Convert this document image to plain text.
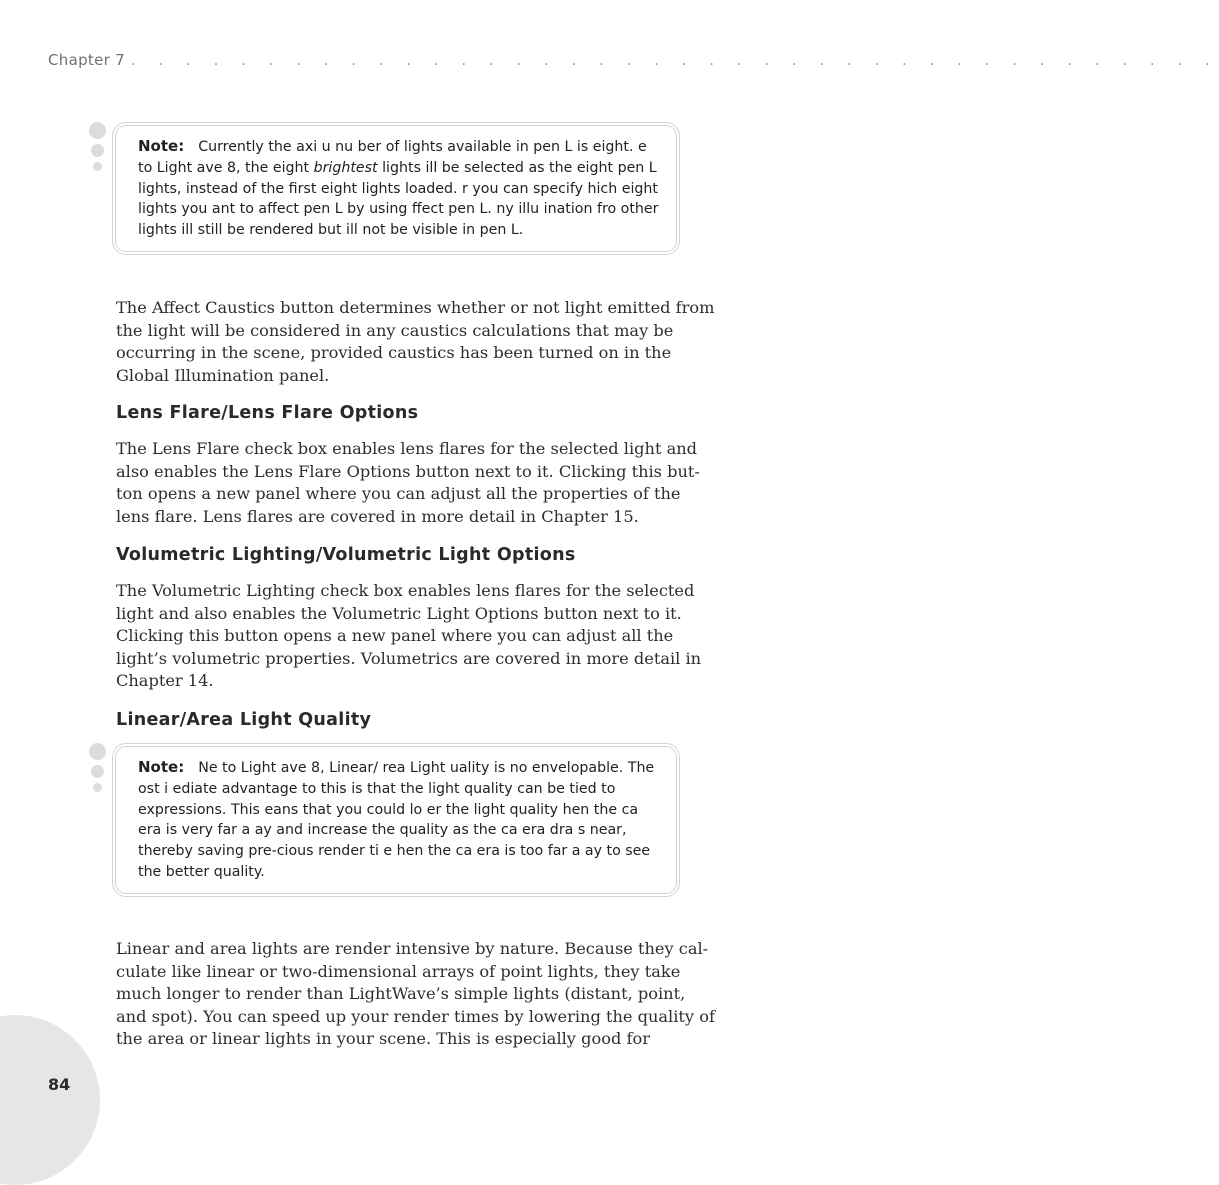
Chapter 7 . . . . . . . . . . . . . . . . . . . . . . . . . . . . . . . . . . . . . . . .
Note: Currently the axi u nu ber of lights available in pen L is eight. e to Light ave 8, the eight brightest lights ill be selected as the eight pen L lights, instead of the first eight lights loaded. r you can specify hich eight lights you ant to affect pen L by using ffect pen L. ny illu ination fro other lights ill still be rendered but ill not be visible in pen L.
The Affect Caustics button determines whether or not light emitted from the light will be considered in any caustics calculations that may be occurring in the scene, provided caustics has been turned on in the Global Illumination panel.
Lens Flare/Lens Flare Options
The Lens Flare check box enables lens flares for the selected light and also enables the Lens Flare Options button next to it. Clicking this but-ton opens a new panel where you can adjust all the properties of the lens flare. Lens flares are covered in more detail in Chapter 15.
Volumetric Lighting/Volumetric Light Options
The Volumetric Lighting check box enables lens flares for the selected light and also enables the Volumetric Light Options button next to it. Clicking this button opens a new panel where you can adjust all the light’s volumetric properties. Volumetrics are covered in more detail in Chapter 14.
Linear/Area Light Quality
Note: Ne to Light ave 8, Linear/ rea Light uality is no envelopable. The ost i ediate advantage to this is that the light quality can be tied to expressions. This eans that you could lo er the light quality hen the ca era is very far a ay and increase the quality as the ca era dra s near, thereby saving pre-cious render ti e hen the ca era is too far a ay to see the better quality.
Linear and area lights are render intensive by nature. Because they cal-culate like linear or two-dimensional arrays of point lights, they take much longer to render than LightWave’s simple lights (distant, point, and spot). You can speed up your render times by lowering the quality of the area or linear lights in your scene. This is especially good for
84
